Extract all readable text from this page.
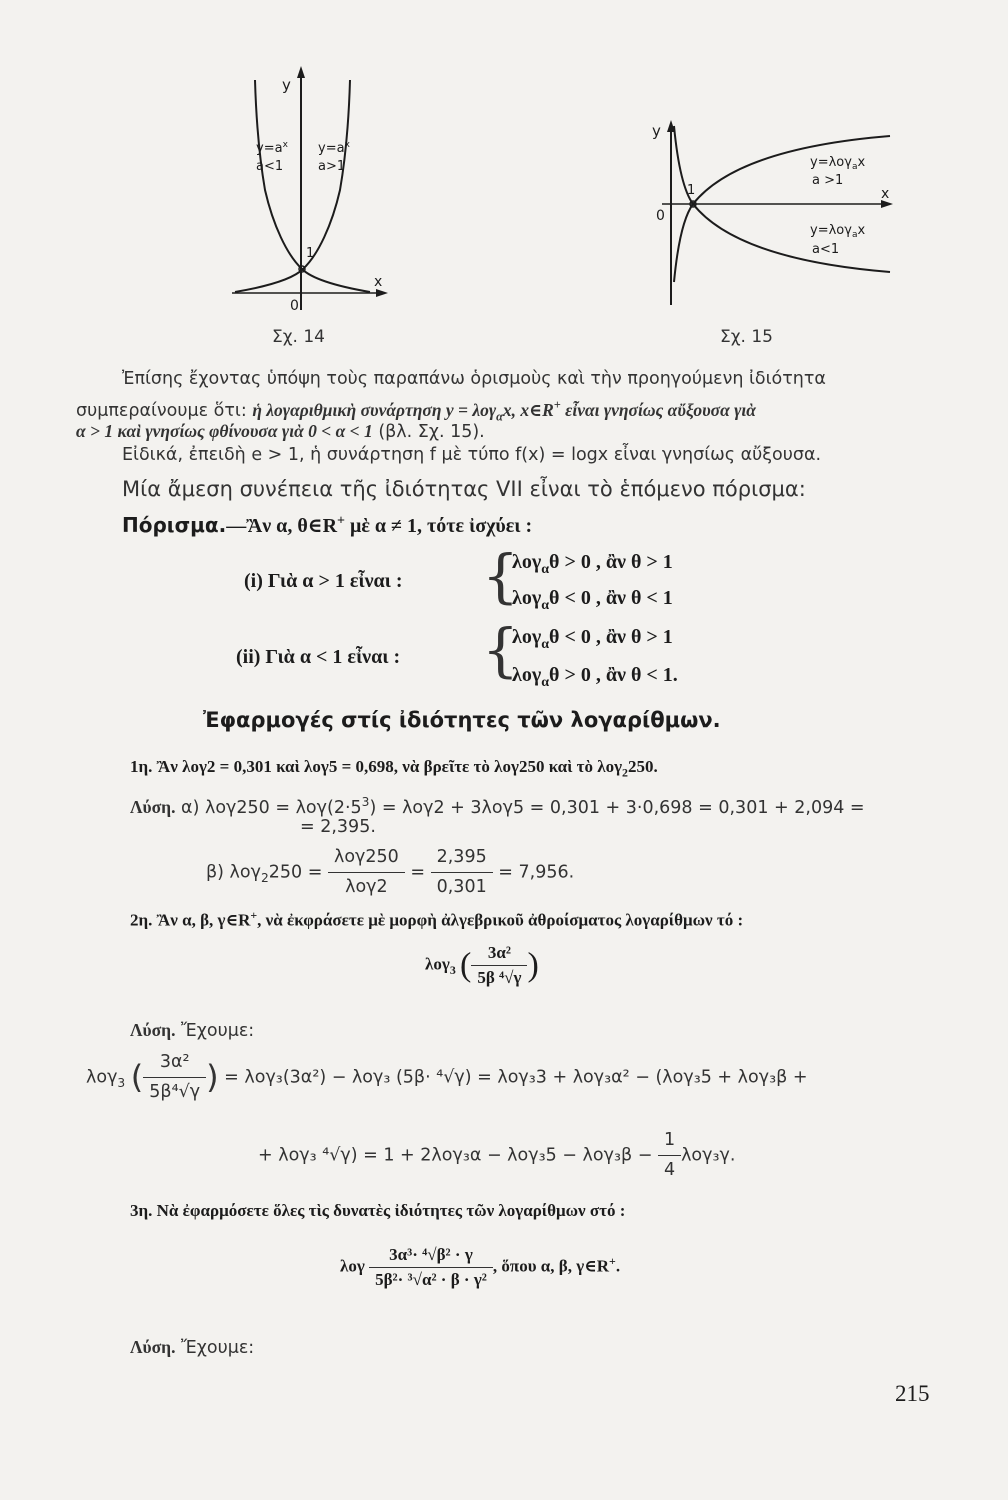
y
x
0
1
$y=a^x$
a<1
$y=a^x$
a>1
Σχ. 14
y
x
0
1
y=λογ$_a$x
a >1
y=λογ$_a$x
a<1
Σχ. 15
Ἐπίσης ἔχοντας ὑπόψη τοὺς παραπάνω ὁρισμοὺς καὶ τὴν προηγούμενη ἰδιότητα
συμπεραίνουμε ὅτι: ἡ λογαριθμικὴ συνάρτηση y = λογ$_\alpha$x, x∈R+ εἶναι γνησίως αὔξουσα γιὰ
α > 1 καὶ γνησίως φθίνουσα γιὰ 0 < α < 1 (βλ. Σχ. 15).
Εἰδικά, ἐπειδὴ e > 1, ἡ συνάρτηση f μὲ τύπο f(x) = logx εἶναι γνησίως αὔξουσα.
Μία ἄμεση συνέπεια τῆς ἰδιότητας VII εἶναι τὸ ἑπόμενο πόρισμα:
Πόρισμα.—Ἂν α, θ∈R+ μὲ α ≠ 1, τότε ἰσχύει :
(i) Γιὰ α > 1 εἶναι : {
λογ$_\alpha$θ > 0 , ἂν θ > 1
λογ$_\alpha$θ < 0 , ἂν θ < 1
(ii) Γιὰ α < 1 εἶναι : {
λογ$_\alpha$θ < 0 , ἂν θ > 1
λογ$_\alpha$θ > 0 , ἂν θ < 1.
Ἐφαρμογές στίς ἰδιότητες τῶν λογαρίθμων.
1η. Ἂν λογ2 = 0,301 καὶ λογ5 = 0,698, νὰ βρεῖτε τὸ λογ250 καὶ τὸ λογ$_2$250.
Λύση. α) $\lambda o\gamma 250 = \lambda o\gamma(2\cdot 5^3) = \lambda o\gamma 2 + 3\lambda o\gamma 5 = 0,301 + 3\cdot 0,698 = 0,301 + 2,094$ =
= 2,395.
β) $\lambda o\gamma_2250 = \frac{\text{λογ250}}{\text{λογ2}} = \frac{2,395}{0,301} = 7,956$.
2η. Ἂν α, β, γ∈R+, νὰ ἐκφράσετε μὲ μορφὴ ἀλγεβρικοῦ ἀθροίσματος λογαρίθμων τό :
λογ$_3$ ( $\frac{\text{3α²}}{\text{5β ⁴√γ}}$ )
Λύση. Ἔχουμε:
λογ$_3$ ( $\frac{\text{3α²}}{\text{5β⁴√γ}}$ ) = λογ₃(3α²) − λογ₃ (5β· ⁴√γ) = λογ₃3 + λογ₃α² − (λογ₃5 + λογ₃β +
+ λογ₃ $^4√\gamma) = 1 + 2\lambda o\gamma_3\alpha - \lambda o\gamma_35 - \lambda o\gamma_3\beta - \frac{1}{4} \lambda o\gamma_3\gamma$.
3η. Νὰ ἐφαρμόσετε ὅλες τὶς δυνατὲς ἰδιότητες τῶν λογαρίθμων στό :
λογ $\frac{\text{3α³· ⁴√β² · γ}}{\text{5β²· ³√α² · β · γ²}}$ , ὅπου α, β, γ∈R+.
Λύση. Ἔχουμε:
215
